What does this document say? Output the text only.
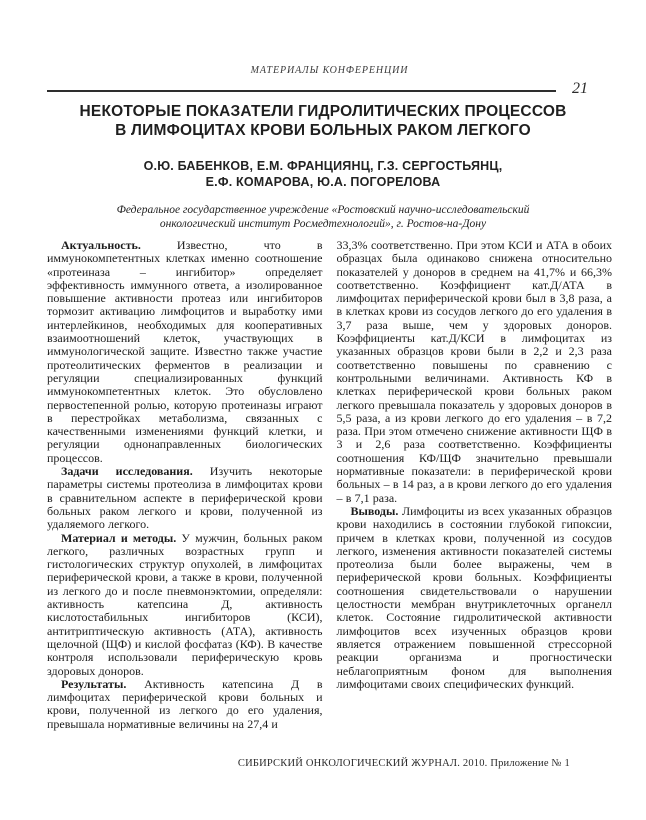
МАТЕРИАЛЫ КОНФЕРЕНЦИИ
21
НЕКОТОРЫЕ ПОКАЗАТЕЛИ ГИДРОЛИТИЧЕСКИХ ПРОЦЕССОВ
В ЛИМФОЦИТАХ КРОВИ БОЛЬНЫХ РАКОМ ЛЕГКОГО
О.Ю. БАБЕНКОВ, Е.М. ФРАНЦИЯНЦ, Г.З. СЕРГОСТЬЯНЦ,
Е.Ф. КОМАРОВА, Ю.А. ПОГОРЕЛОВА
Федеральное государственное учреждение «Ростовский научно-исследовательский
онкологический институт Росмедтехнологий», г. Ростов-на-Дону

Актуальность.	Известно, что в иммунокомпетентных клетках именно соотношение «протеиназа – ингибитор» определяет эффективность иммунного ответа, а изолированное повышение активности протеаз или ингибиторов тормозит активацию лимфоцитов и выработку ими интерлейкинов, необходимых для кооперативных взаимоотношений клеток, участвующих в иммунологической защите. Известно также участие протеолитических ферментов в реализации и регуляции специализированных функций иммунокомпетентных клеток. Это обусловлено первостепенной ролью, которую протеиназы играют в перестройках метаболизма, связанных с качественными изменениями функций клетки, и регуляции однонаправленных биологических процессов.

Задачи исследования. Изучить некоторые параметры системы протеолиза в лимфоцитах крови в сравнительном аспекте в периферической крови больных раком легкого и крови, полученной из удаляемого легкого.

Материал и методы. У мужчин, больных раком легкого, различных возрастных групп и гистологических структур опухолей, в лимфоцитах периферической крови, а также в крови, полученной из легкого до и после пневмонэктомии, определяли: активность катепсина Д, активность кислотостабильных ингибиторов (КСИ), антитриптическую активность (АТА), активность щелочной (ЩФ) и кислой фосфатаз (КФ). В качестве контроля использовали периферическую кровь здоровых доноров.

Результаты. Активность катепсина Д в лимфоцитах периферической крови больных и крови, полученной из легкого до его удаления, превышала нормативные величины на 27,4 и

33,3% соответственно. При этом КСИ и АТА в обоих образцах была одинаково снижена относительно показателей у доноров в среднем на 41,7% и 66,3% соответственно. Коэффициент кат.Д/АТА в лимфоцитах периферической крови был в 3,8 раза, а в клетках крови из сосудов легкого до его удаления в 3,7 раза выше, чем у здоровых доноров. Коэффициенты кат.Д/КСИ в лимфоцитах из указанных образцов крови были в 2,2 и 2,3 раза соответственно повышены по сравнению с контрольными величинами. Активность КФ в клетках периферической крови больных раком легкого превышала показатель у здоровых доноров в 5,5 раза, а из крови легкого до его удаления – в 7,2 раза. При этом отмечено снижение активности ЩФ в 3 и 2,6 раза соответственно. Коэффициенты соотношения КФ/ЩФ значительно превышали нормативные показатели: в периферической крови больных – в 14 раз, а в крови легкого до его удаления – в 7,1 раза.

Выводы. Лимфоциты из всех указанных образцов крови находились в состоянии глубокой гипоксии, причем в клетках крови, полученной из сосудов легкого, изменения активности показателей системы протеолиза были более выражены, чем в периферической крови больных. Коэффициенты соотношения свидетельствовали о нарушении целостности мембран внутриклеточных органелл клеток. Состояние гидролитической активности лимфоцитов всех изученных образцов крови является отражением повышенной стрессорной реакции организма и прогностически неблагоприятным фоном для выполнения лимфоцитами своих специфических функций.

СИБИРСКИЙ ОНКОЛОГИЧЕСКИЙ ЖУРНАЛ. 2010. Приложение № 1
